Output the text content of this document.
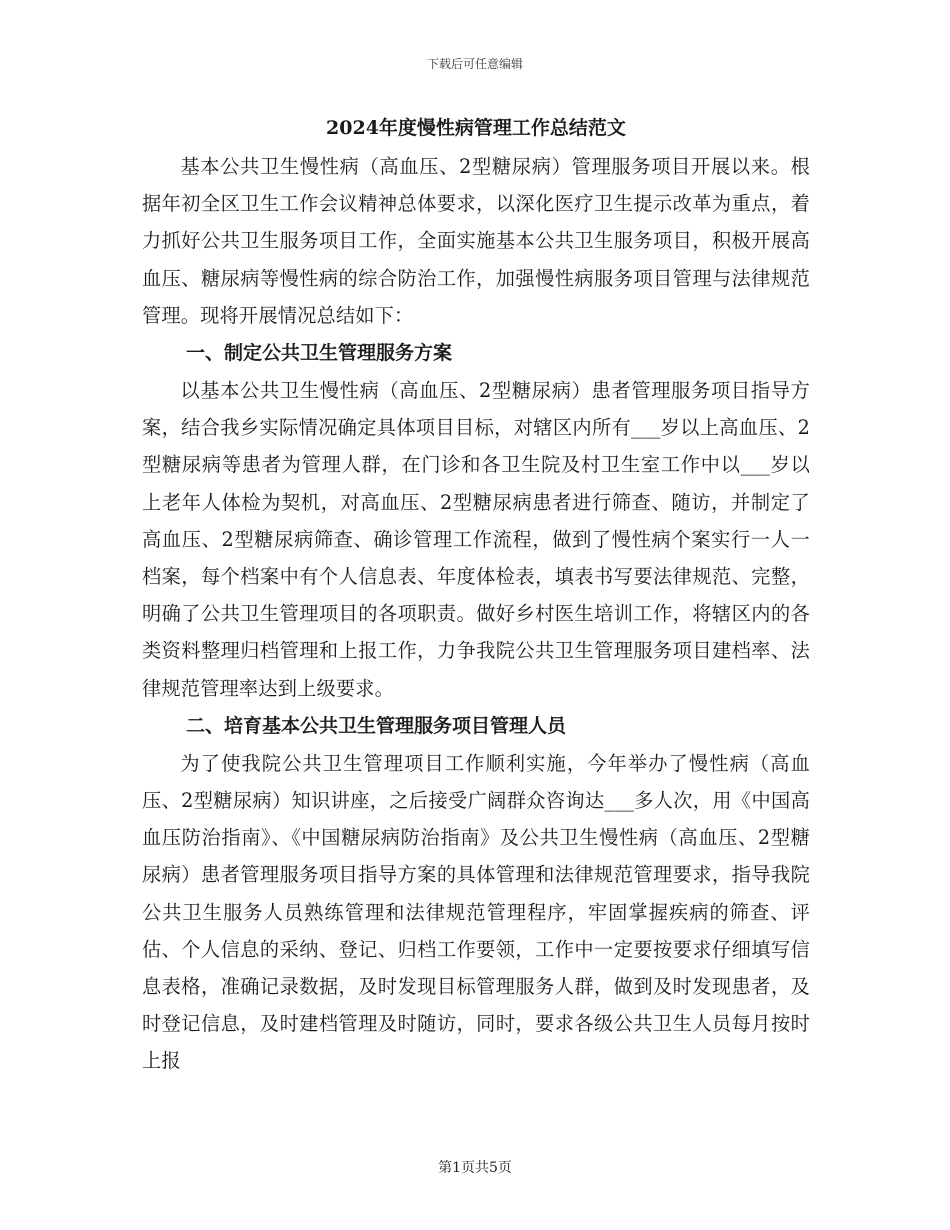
下载后可任意编辑
2024年度慢性病管理工作总结范文

基本公共卫生慢性病（高血压、2型糖尿病）管理服务项目开展以来。根据年初全区卫生工作会议精神总体要求，以深化医疗卫生提示改革为重点，着力抓好公共卫生服务项目工作，全面实施基本公共卫生服务项目，积极开展高血压、糖尿病等慢性病的综合防治工作，加强慢性病服务项目管理与法律规范管理。现将开展情况总结如下：

一、制定公共卫生管理服务方案

以基本公共卫生慢性病（高血压、2型糖尿病）患者管理服务项目指导方案，结合我乡实际情况确定具体项目目标，对辖区内所有___岁以上高血压、2型糖尿病等患者为管理人群，在门诊和各卫生院及村卫生室工作中以___岁以上老年人体检为契机，对高血压、2型糖尿病患者进行筛查、随访，并制定了高血压、2型糖尿病筛查、确诊管理工作流程，做到了慢性病个案实行一人一档案，每个档案中有个人信息表、年度体检表，填表书写要法律规范、完整，明确了公共卫生管理项目的各项职责。做好乡村医生培训工作，将辖区内的各类资料整理归档管理和上报工作，力争我院公共卫生管理服务项目建档率、法律规范管理率达到上级要求。

二、培育基本公共卫生管理服务项目管理人员

为了使我院公共卫生管理项目工作顺利实施，今年举办了慢性病（高血压、2型糖尿病）知识讲座，之后接受广阔群众咨询达___多人次，用《中国高血压防治指南》、《中国糖尿病防治指南》及公共卫生慢性病（高血压、2型糖尿病）患者管理服务项目指导方案的具体管理和法律规范管理要求，指导我院公共卫生服务人员熟练管理和法律规范管理程序，牢固掌握疾病的筛查、评估、个人信息的采纳、登记、归档工作要领，工作中一定要按要求仔细填写信息表格，准确记录数据，及时发现目标管理服务人群，做到及时发现患者，及时登记信息，及时建档管理及时随访，同时，要求各级公共卫生人员每月按时上报

第1页共5页
